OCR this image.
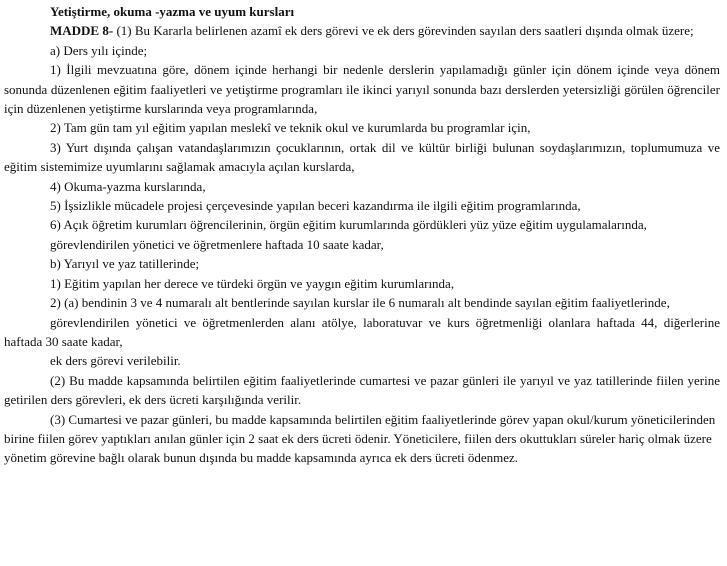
Yetiştirme, okuma -yazma ve uyum kursları

MADDE 8- (1) Bu Kararla belirlenen azamî ek ders görevi ve ek ders görevinden sayılan ders saatleri dışında olmak üzere;

a) Ders yılı içinde;

1) İlgili mevzuatına göre, dönem içinde herhangi bir nedenle derslerin yapılamadığı günler için dönem içinde veya dönem sonunda düzenlenen eğitim faaliyetleri ve yetiştirme programları ile ikinci yarıyıl sonunda bazı derslerden yetersizliği görülen öğrenciler için düzenlenen yetiştirme kurslarında veya programlarında,

2) Tam gün tam yıl eğitim yapılan meslekî ve teknik okul ve kurumlarda bu programlar için,

3) Yurt dışında çalışan vatandaşlarımızın çocuklarının, ortak dil ve kültür birliği bulunan soydaşlarımızın, toplumumuza ve eğitim sistemimize uyumlarını sağlamak amacıyla açılan kurslarda,

4) Okuma-yazma kurslarında,

5) İşsizlikle mücadele projesi çerçevesinde yapılan beceri kazandırma ile ilgili eğitim programlarında,

6) Açık öğretim kurumları öğrencilerinin, örgün eğitim kurumlarında gördükleri yüz yüze eğitim uygulamalarında,

görevlendirilen yönetici ve öğretmenlere haftada 10 saate kadar,

b) Yarıyıl ve yaz tatillerinde;

1) Eğitim yapılan her derece ve türdeki örgün ve yaygın eğitim kurumlarında,

2) (a) bendinin 3 ve 4 numaralı alt bentlerinde sayılan kurslar ile 6 numaralı alt bendinde sayılan eğitim faaliyetlerinde,

görevlendirilen yönetici ve öğretmenlerden alanı atölye, laboratuvar ve kurs öğretmenliği olanlara haftada 44, diğerlerine haftada 30 saate kadar,

ek ders görevi verilebilir.

(2) Bu madde kapsamında belirtilen eğitim faaliyetlerinde cumartesi ve pazar günleri ile yarıyıl ve yaz tatillerinde fiilen yerine getirilen ders görevleri, ek ders ücreti karşılığında verilir.

(3) Cumartesi ve pazar günleri, bu madde kapsamında belirtilen eğitim faaliyetlerinde görev yapan okul/kurum yöneticilerinden birine fiilen görev yaptıkları anılan günler için 2 saat ek ders ücreti ödenir. Yöneticilere, fiilen ders okuttukları süreler hariç olmak üzere yönetim görevine bağlı olarak bunun dışında bu madde kapsamında ayrıca ek ders ücreti ödenmez.
